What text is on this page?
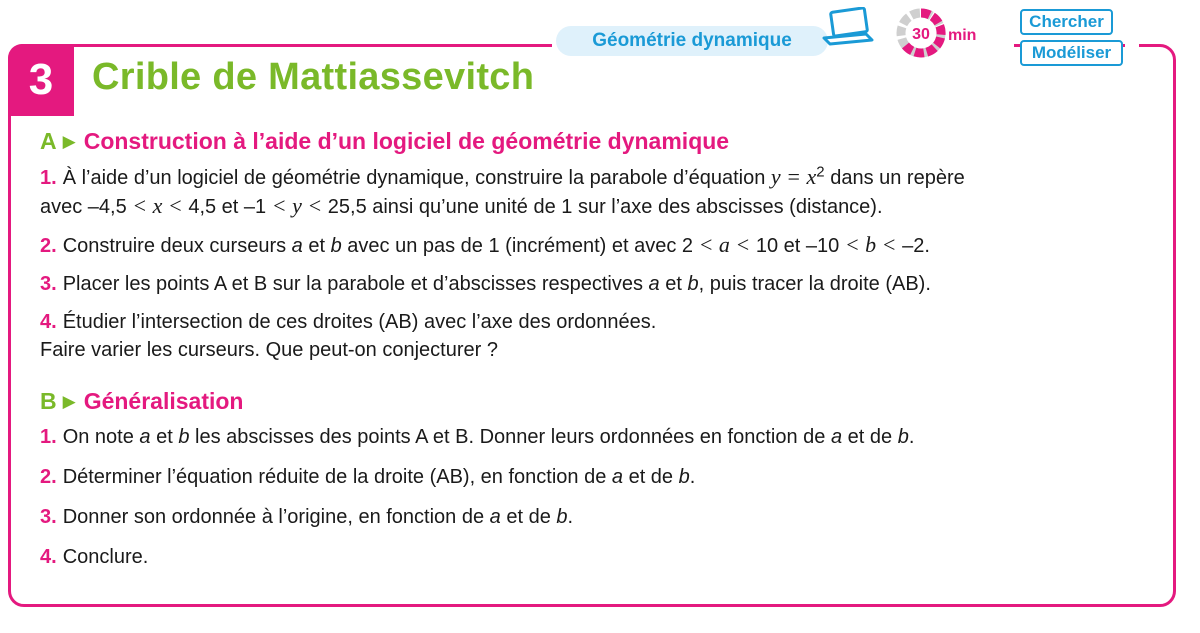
3	Crible de Mattiassevitch
Géométrie dynamique	30 min
Chercher
Modéliser
A ▶ Construction à l’aide d’un logiciel de géométrie dynamique
1. À l’aide d’un logiciel de géométrie dynamique, construire la parabole d’équation $y = x^2$ dans un repère
avec –4,5 < x < 4,5 et –1 < y < 25,5 ainsi qu’une unité de 1 sur l’axe des abscisses (distance).
2. Construire deux curseurs a et b avec un pas de 1 (incrément) et avec 2 < a < 10 et –10 < b < –2.
3. Placer les points A et B sur la parabole et d’abscisses respectives a et b, puis tracer la droite (AB).
4. Étudier l’intersection de ces droites (AB) avec l’axe des ordonnées.
Faire varier les curseurs. Que peut-on conjecturer ?
B ▶ Généralisation
1. On note a et b les abscisses des points A et B. Donner leurs ordonnées en fonction de a et de b.
2. Déterminer l’équation réduite de la droite (AB), en fonction de a et de b.
3. Donner son ordonnée à l’origine, en fonction de a et de b.
4. Conclure.
